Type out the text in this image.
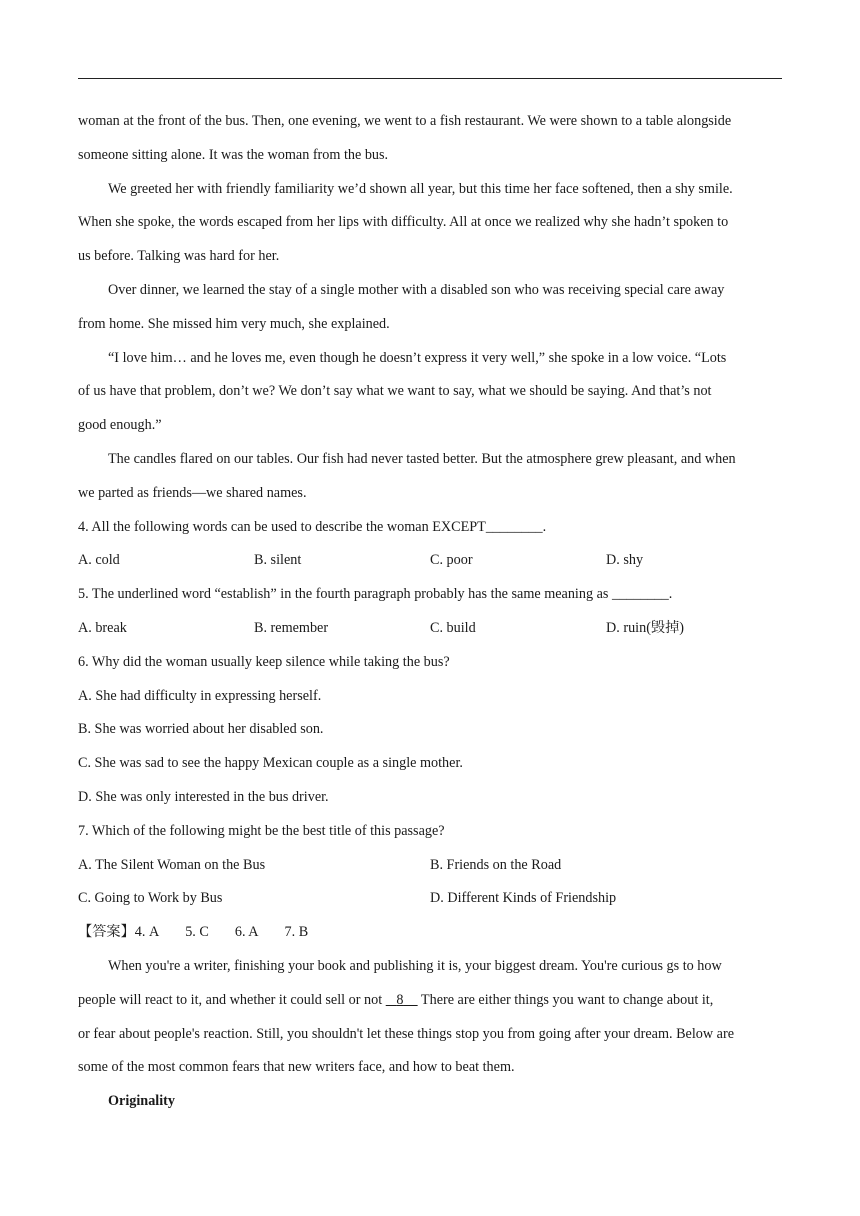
woman at the front of the bus. Then, one evening, we went to a fish restaurant. We were shown to a table alongside
someone sitting alone. It was the woman from the bus.
We greeted her with friendly familiarity we’d shown all year, but this time her face softened, then a shy smile.
When she spoke, the words escaped from her lips with difficulty. All at once we realized why she hadn’t spoken to
us before. Talking was hard for her.
Over dinner, we learned the stay of a single mother with a disabled son who was receiving special care away
from home. She missed him very much, she explained.
“I love him… and he loves me, even though he doesn’t express it very well,” she spoke in a low voice. “Lots
of us have that problem, don’t we? We don’t say what we want to say, what we should be saying. And that’s not
good enough.”
The candles flared on our tables. Our fish had never tasted better. But the atmosphere grew pleasant, and when
we parted as friends—we shared names.
4. All the following words can be used to describe the woman EXCEPT________.
A. cold	B. silent	C. poor	D. shy
5. The underlined word “establish” in the fourth paragraph probably has the same meaning as ________.
A. break	B. remember	C. build	D. ruin(毁掉)
6. Why did the woman usually keep silence while taking the bus?
A. She had difficulty in expressing herself.
B. She was worried about her disabled son.
C. She was sad to see the happy Mexican couple as a single mother.
D. She was only interested in the bus driver.
7. Which of the following might be the best title of this passage?
A. The Silent Woman on the Bus	B. Friends on the Road
C. Going to Work by Bus	D. Different Kinds of Friendship
【答案】4. A 5. C 6. A 7. B
When you're a writer, finishing your book and publishing it is, your biggest dream. You're curious gs to how
people will react to it, and whether it could sell or not    8     There are either things you want to change about it,
or fear about people's reaction. Still, you shouldn't let these things stop you from going after your dream. Below are
some of the most common fears that new writers face, and how to beat them.
Originality
